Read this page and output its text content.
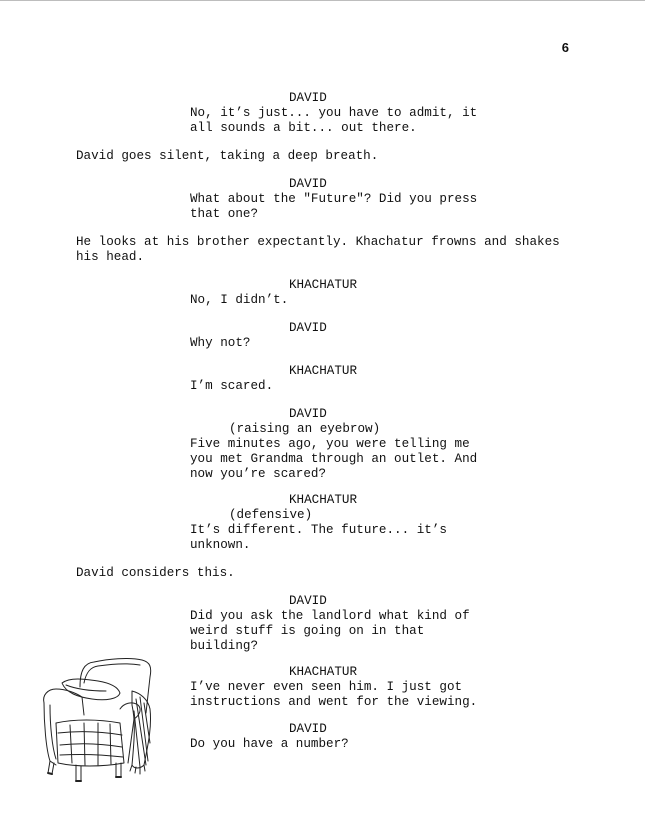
6
DAVID
No, it’s just... you have to admit, it
all sounds a bit... out there.
David goes silent, taking a deep breath.
DAVID
What about the "Future"? Did you press
that one?
He looks at his brother expectantly. Khachatur frowns and shakes
his head.
KHACHATUR
No, I didn’t.
DAVID
Why not?
KHACHATUR
I’m scared.
DAVID
(raising an eyebrow)
Five minutes ago, you were telling me
you met Grandma through an outlet. And
now you’re scared?
KHACHATUR
(defensive)
It’s different. The future... it’s
unknown.
David considers this.
DAVID
Did you ask the landlord what kind of
weird stuff is going on in that
building?
KHACHATUR
I’ve never even seen him. I just got
instructions and went for the viewing.
DAVID
Do you have a number?
